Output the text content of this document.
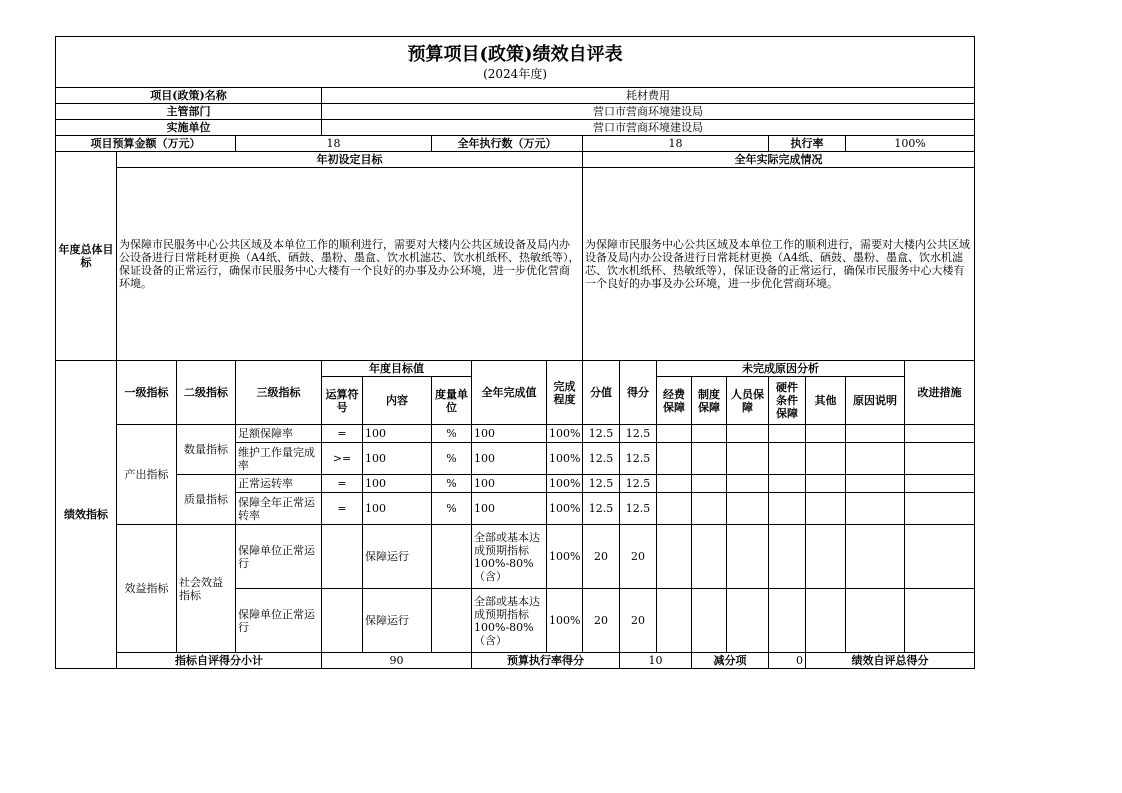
预算项目(政策)绩效自评表
(2024年度)																		

项目(政策)名称				耗材费用														
主管部门				营口市营商环境建设局														
实施单位				营口市营商环境建设局														
项目预算金额（万元）			18			全年执行数（万元）			18					执行率		100%		
年度总体目标	年初设定目标								全年实际完成情况									
	为保障市民服务中心公共区域及本单位工作的顺利进行，需要对大楼内公共区域设备及局内办公设备进行日常耗材更换（A4纸、硒鼓、墨粉、墨盒、饮水机滤芯、饮水机纸杯、热敏纸等），保证设备的正常运行，确保市民服务中心大楼有一个良好的办事及办公环境，进一步优化营商环境。								为保障市民服务中心公共区域及本单位工作的顺利进行，需要对大楼内公共区域设备及局内办公设备进行日常耗材更换（A4纸、硒鼓、墨粉、墨盒、饮水机滤芯、饮水机纸杯、热敏纸等），保证设备的正常运行，确保市民服务中心大楼有一个良好的办事及办公环境，进一步优化营商环境。									
绩效指标	一级指标	二级指标	三级指标	年度目标值			全年完成值	完成程度	分值	得分	未完成原因分析						改进措施	
				运算符号	内容	度量单位					经费保障	制度保障	人员保障	硬件条件保障	其他	原因说明		
	产出指标	数量指标	足额保障率	=	100	%	100	100%	12.5	12.5								
			维护工作量完成率	>=	100	%	100	100%	12.5	12.5								
		质量指标	正常运转率	=	100	%	100	100%	12.5	12.5								
			保障全年正常运转率	=	100	%	100	100%	12.5	12.5								
	效益指标	社会效益指标	保障单位正常运行		保障运行		全部或基本达成预期指标100%-80%（含）	100%	20	20								
			保障单位正常运行		保障运行		全部或基本达成预期指标100%-80%（含）	100%	20	20								
	指标自评得分小计			90			预算执行率得分			10		减分项		0	绩效自评总得分	
